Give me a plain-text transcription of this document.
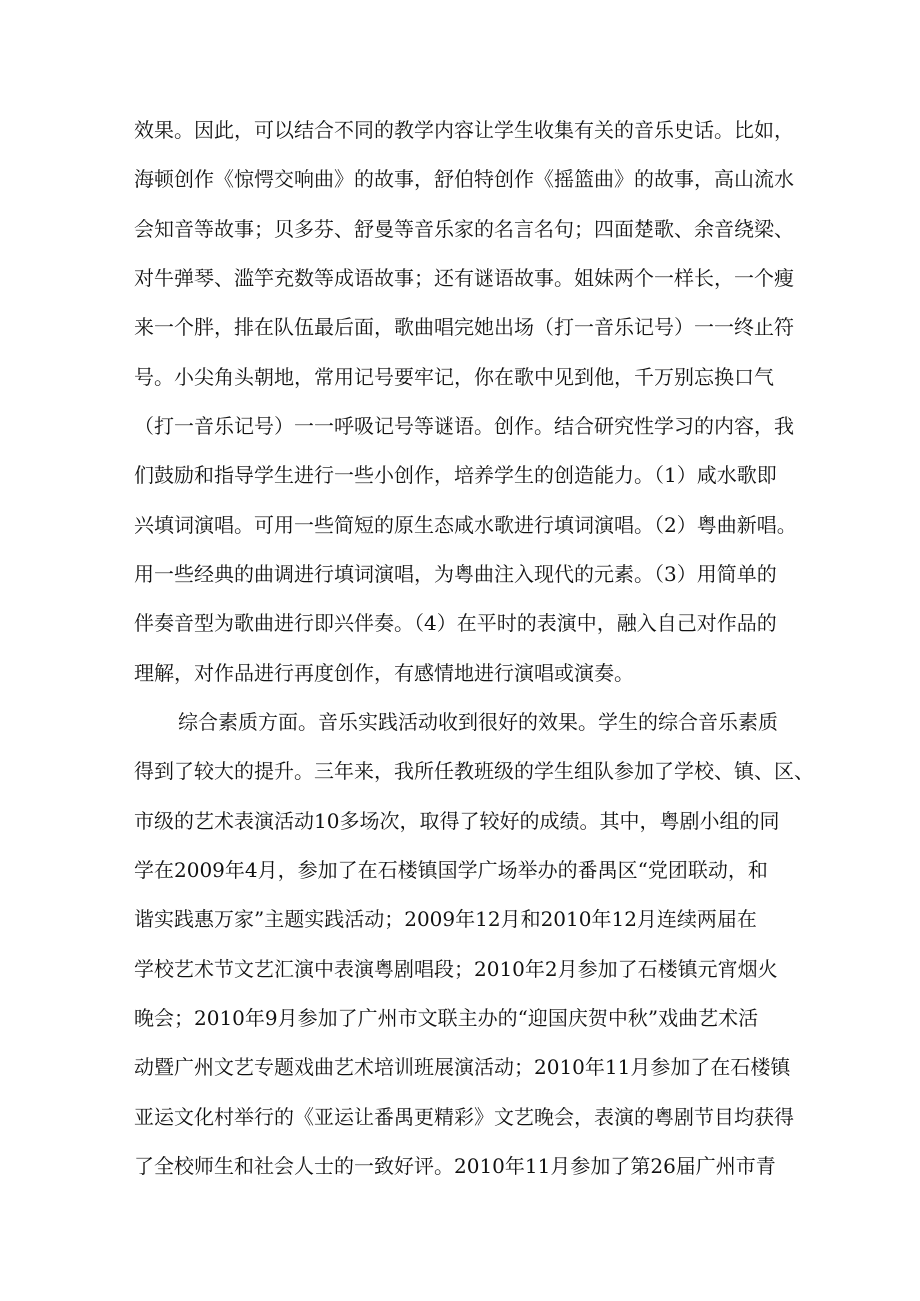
效果。因此，可以结合不同的教学内容让学生收集有关的音乐史话。比如，
海顿创作《惊愕交响曲》的故事，舒伯特创作《摇篮曲》的故事，高山流水
会知音等故事；贝多芬、舒曼等音乐家的名言名句；四面楚歌、余音绕梁、
对牛弹琴、滥竽充数等成语故事；还有谜语故事。姐妹两个一样长，一个瘦
来一个胖，排在队伍最后面，歌曲唱完她出场（打一音乐记号）一一终止符
号。小尖角头朝地，常用记号要牢记，你在歌中见到他，千万别忘换口气
（打一音乐记号）一一呼吸记号等谜语。创作。结合研究性学习的内容，我
们鼓励和指导学生进行一些小创作，培养学生的创造能力。（1）咸水歌即
兴填词演唱。可用一些简短的原生态咸水歌进行填词演唱。（2）粤曲新唱。
用一些经典的曲调进行填词演唱，为粤曲注入现代的元素。（3）用简单的
伴奏音型为歌曲进行即兴伴奏。（4）在平时的表演中，融入自己对作品的
理解，对作品进行再度创作，有感情地进行演唱或演奏。
综合素质方面。音乐实践活动收到很好的效果。学生的综合音乐素质
得到了较大的提升。三年来，我所任教班级的学生组队参加了学校、镇、区、
市级的艺术表演活动10多场次，取得了较好的成绩。其中，粤剧小组的同
学在2009年4月，参加了在石楼镇国学广场举办的番禺区“党团联动，和
谐实践惠万家”主题实践活动；2009年12月和2010年12月连续两届在
学校艺术节文艺汇演中表演粤剧唱段；2010年2月参加了石楼镇元宵烟火
晚会；2010年9月参加了广州市文联主办的“迎国庆贺中秋”戏曲艺术活
动暨广州文艺专题戏曲艺术培训班展演活动；2010年11月参加了在石楼镇
亚运文化村举行的《亚运让番禺更精彩》文艺晚会，表演的粤剧节目均获得
了全校师生和社会人士的一致好评。2010年11月参加了第26届广州市青
